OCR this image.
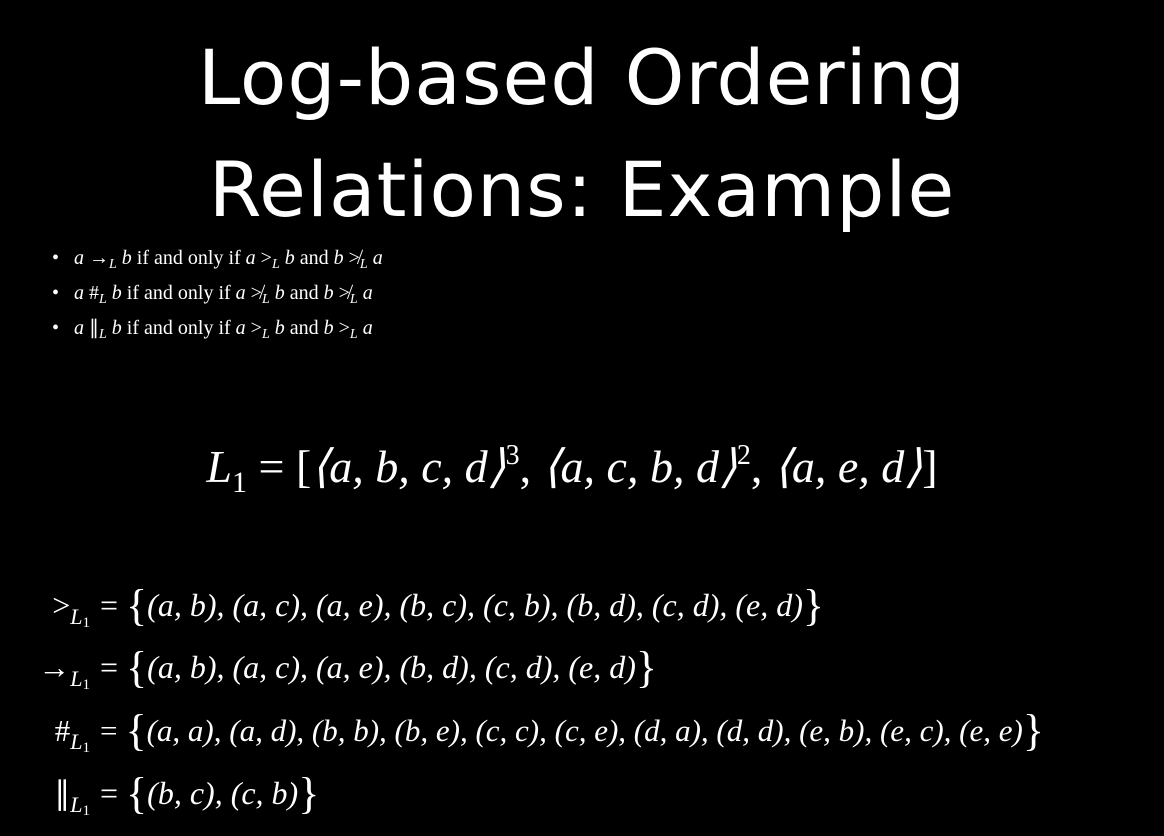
Log-based Ordering
Relations: Example
• $a \to_L$ b if and only if $a >_L$ b and b $≯_L$ a
• a $\#_L$ b if and only if a $≯_L$ b and b $≯_L$ a
• a $\parallel_L$ b if and only if $a >_L$ b and $b >_L$ a
$L_1$ = [⟨a, b, c, d⟩$^3$, ⟨a, c, b, d⟩$^2$, ⟨a, e, d⟩]
$>_{L1} = \{(a$, b), (a, c), (a, e), (b, c), (c, b), (b, d), (c, d), (e, d)}
$\to_{L1} = \{(a$, b), (a, c), (a, e), (b, d), (c, d), (e, d)}
$\#_{L1} = \{(a$, a), (a, d), (b, b), (b, e), (c, c), (c, e), (d, a), (d, d), (e, b), (e, c), (e, e)}
$\parallel_{L1} = \{(b$, c), (c, b)}
